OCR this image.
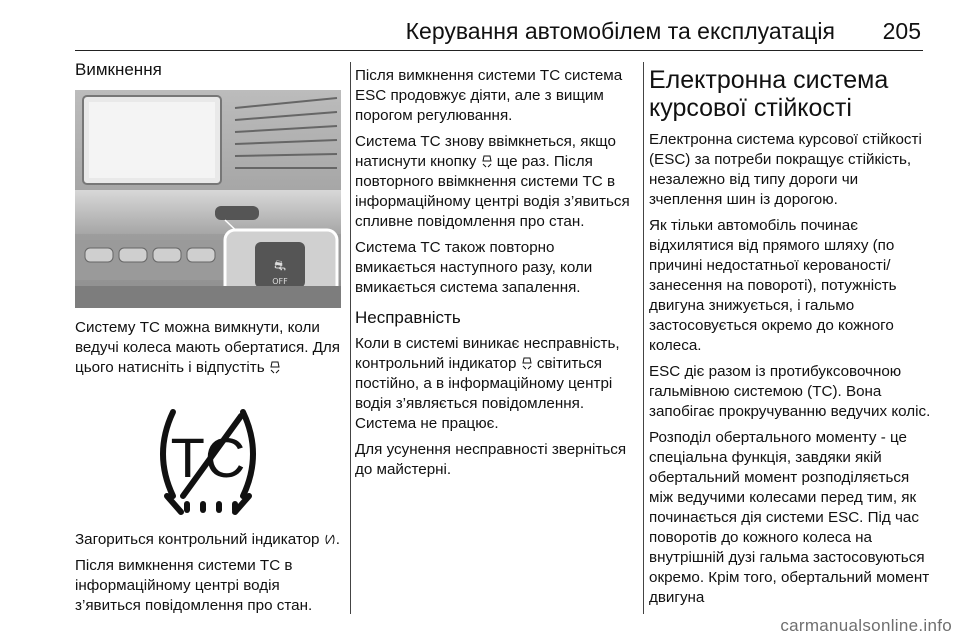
Керування автомобілем та експлуатація 205
Вимкнення
⛐
OFF

Систему TC можна вимкнути, коли ведучі колеса мають обертатися. Для цього натисніть і відпустіть

TC

Загориться контрольний індикатор .

Після вимкнення системи TC в інформаційному центрі водія з’явиться повідомлення про стан.

Після вимкнення системи TC система ESC продовжує діяти, але з вищим порогом регулювання.

Система TC знову ввімкнеться, якщо натиснути кнопку ще раз. Після повторного ввімкнення системи TC в інформаційному центрі водія з’явиться спливне повідомлення про стан.

Система TC також повторно вмикається наступного разу, коли вмикається система запалення.

Несправність

Коли в системі виникає несправність, контрольний індикатор світиться постійно, а в інформаційному центрі водія з’являється повідомлення. Система не працює.

Для усунення несправності зверніться до майстерні.

Електронна система курсової стійкості

Електронна система курсової стійкості (ESC) за потреби покращує стійкість, незалежно від типу дороги чи зчеплення шин із дорогою.

Як тільки автомобіль починає відхилятися від прямого шляху (по причині недостатньої керованості/занесення на повороті), потужність двигуна знижується, і гальмо застосовується окремо до кожного колеса.

ESC діє разом із протибуксовочною гальмівною системою (TC). Вона запобігає прокручуванню ведучих коліс.

Розподіл обертального моменту - це спеціальна функція, завдяки якій обертальний момент розподіляється між ведучими колесами перед тим, як починається дія системи ESC. Під час поворотів до кожного колеса на внутрішній дузі гальма застосовуються окремо. Крім того, обертальний момент двигуна

carmanualsonline.info
